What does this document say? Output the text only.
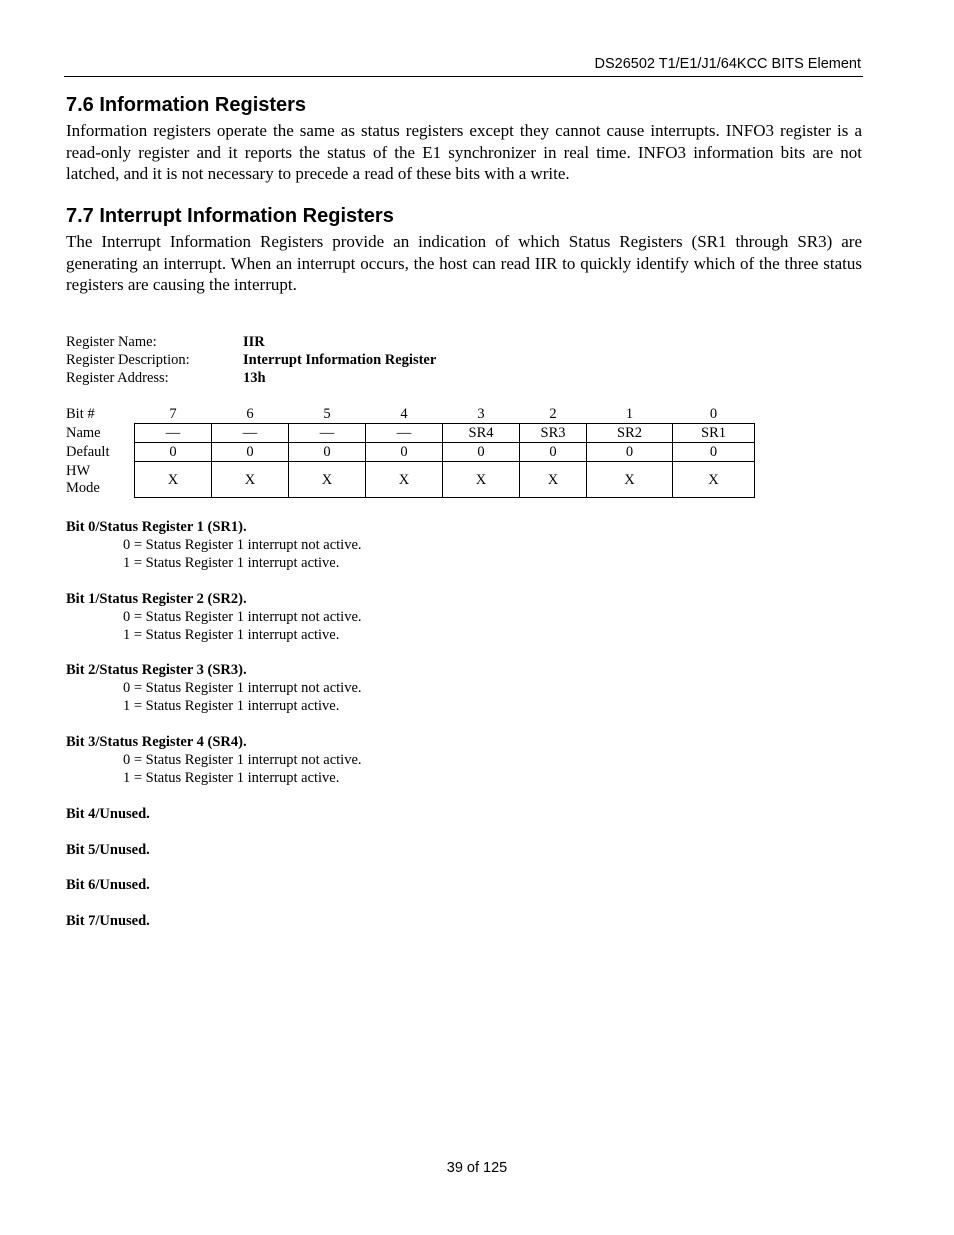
DS26502 T1/E1/J1/64KCC BITS Element
7.6 Information Registers

Information registers operate the same as status registers except they cannot cause interrupts. INFO3 register is a read-only register and it reports the status of the E1 synchronizer in real time. INFO3 information bits are not latched, and it is not necessary to precede a read of these bits with a write.

7.7 Interrupt Information Registers

The Interrupt Information Registers provide an indication of which Status Registers (SR1 through SR3) are generating an interrupt. When an interrupt occurs, the host can read IIR to quickly identify which of the three status registers are causing the interrupt.

Register Name:	IIR
Register Description:	Interrupt Information Register
Register Address:	13h
Bit #	7	6	5	4	3	2	1	0
Name	—	—	—	—	SR4	SR3	SR2	SR1
Default	0	0	0	0	0	0	0	0
HW
Mode	X	X	X	X	X	X	X	X
Bit 0/Status Register 1 (SR1).
0 = Status Register 1 interrupt not active.
1 = Status Register 1 interrupt active.
Bit 1/Status Register 2 (SR2).
0 = Status Register 1 interrupt not active.
1 = Status Register 1 interrupt active.
Bit 2/Status Register 3 (SR3).
0 = Status Register 1 interrupt not active.
1 = Status Register 1 interrupt active.
Bit 3/Status Register 4 (SR4).
0 = Status Register 1 interrupt not active.
1 = Status Register 1 interrupt active.
Bit 4/Unused.
Bit 5/Unused.
Bit 6/Unused.
Bit 7/Unused.
39 of 125
